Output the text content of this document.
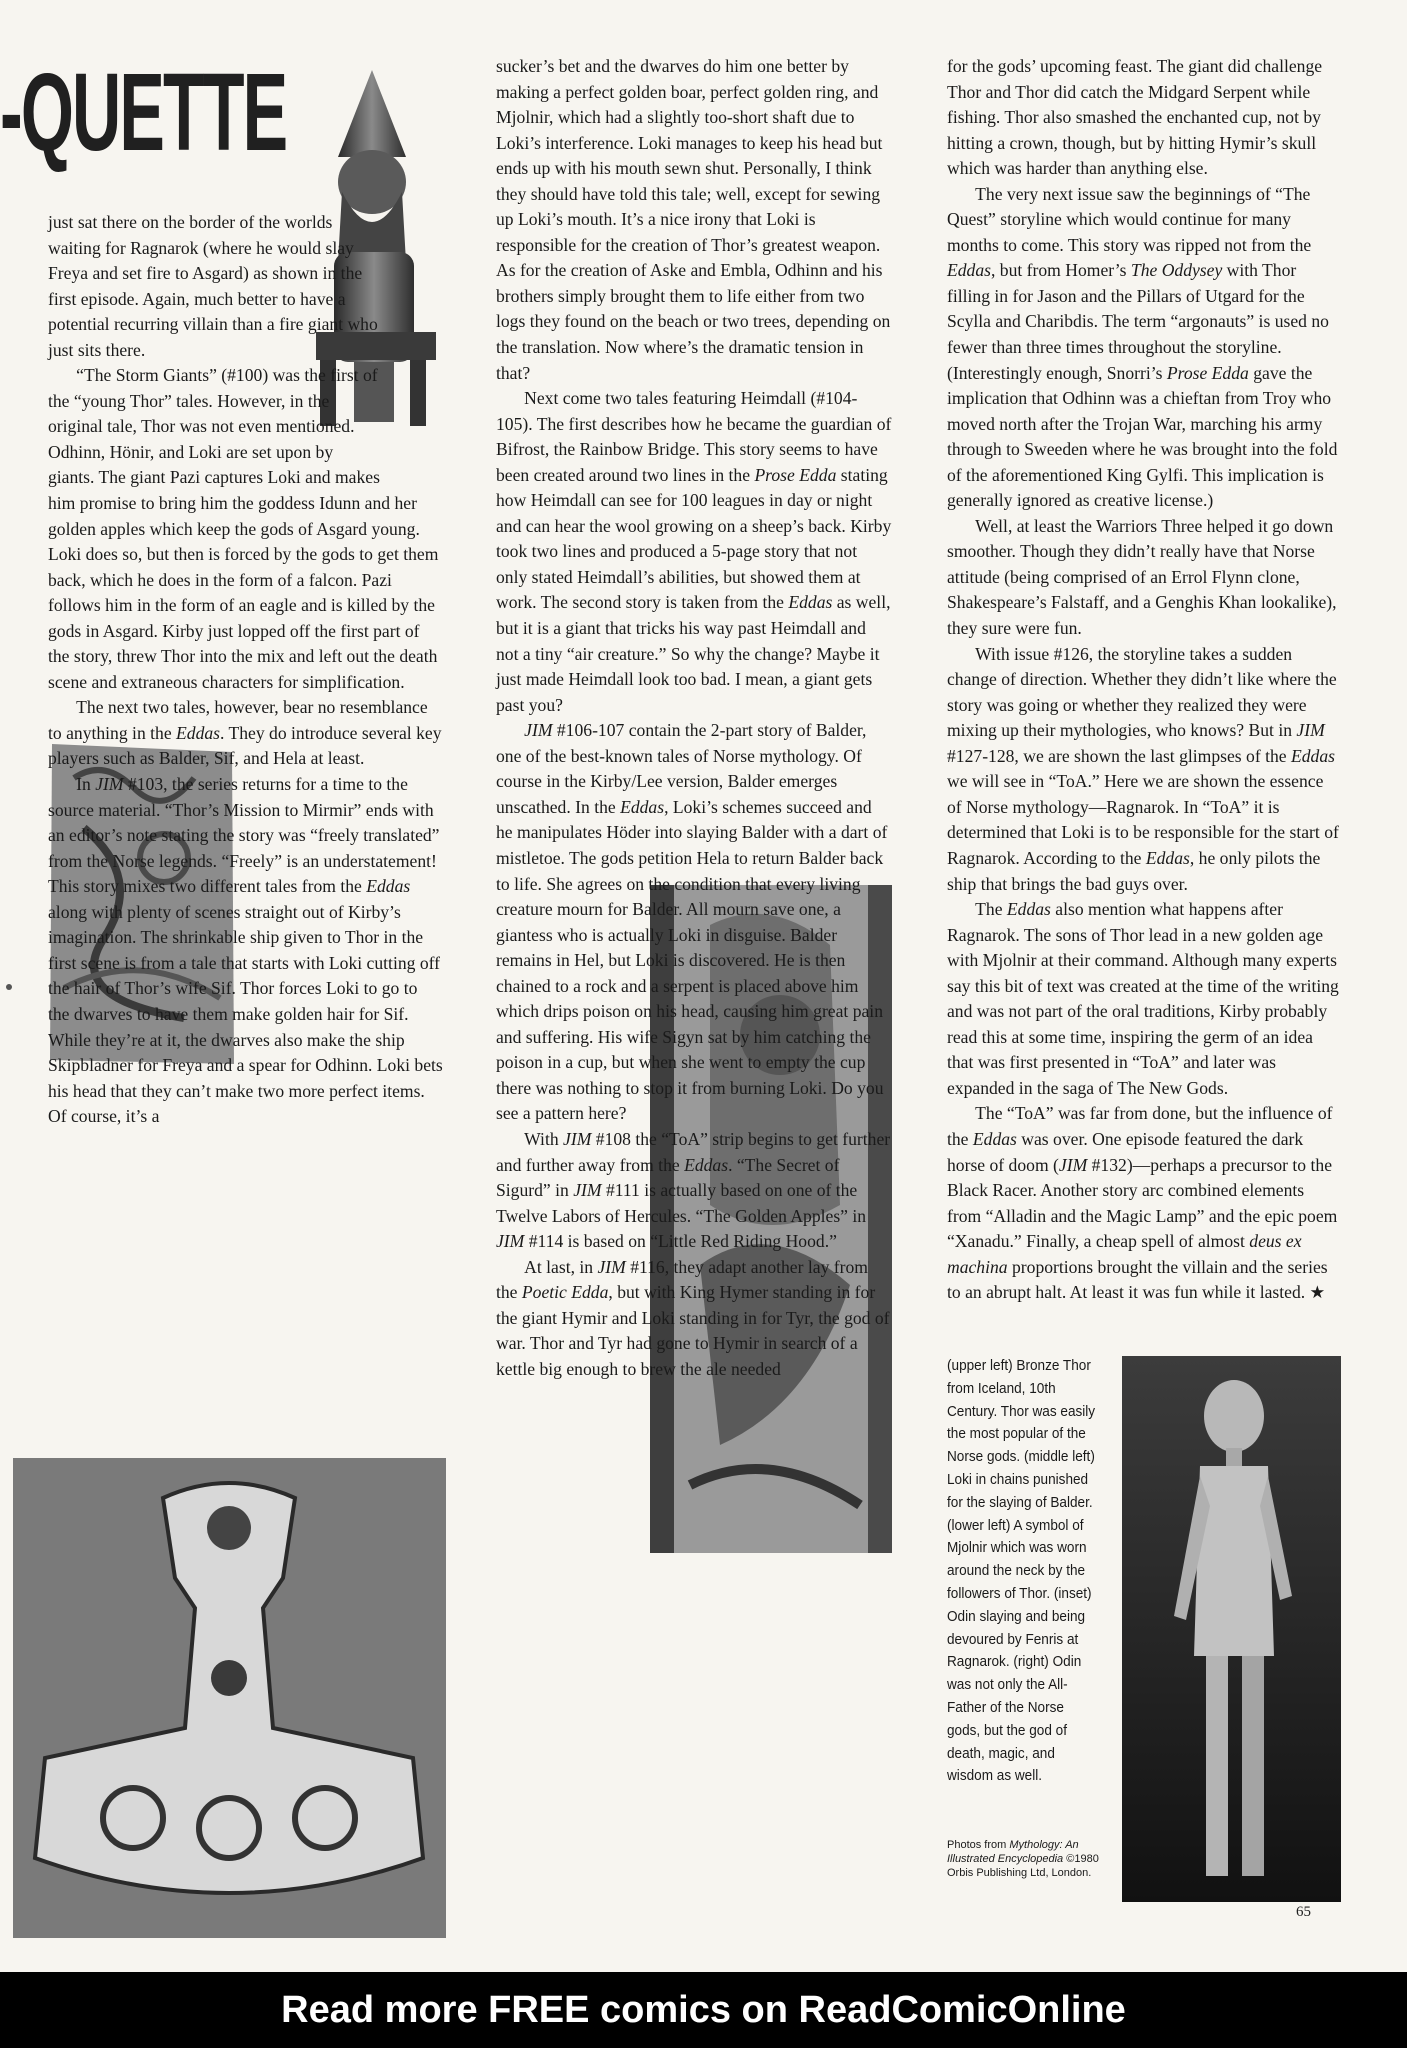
-QUETTE

just sat there on the border of the worlds waiting for Ragnarok (where he would slay Freya and set fire to Asgard) as shown in the first episode. Again, much better to have a potential recurring villain than a fire giant who just sits there.

“The Storm Giants” (#100) was the first of the “young Thor” tales. However, in the original tale, Thor was not even mentioned. Odhinn, Hönir, and Loki are set upon by giants. The giant Pazi captures Loki and makes him promise to bring him the goddess Idunn and her golden apples which keep the gods of Asgard young. Loki does so, but then is forced by the gods to get them back, which he does in the form of a falcon. Pazi follows him in the form of an eagle and is killed by the gods in Asgard. Kirby just lopped off the first part of the story, threw Thor into the mix and left out the death scene and extraneous characters for simplification.

The next two tales, however, bear no resemblance to anything in the Eddas. They do introduce several key players such as Balder, Sif, and Hela at least.

In JIM #103, the series returns for a time to the source material. “Thor’s Mission to Mirmir” ends with an editor’s note stating the story was “freely translated” from the Norse legends. “Freely” is an understatement! This story mixes two different tales from the Eddas along with plenty of scenes straight out of Kirby’s imagination. The shrinkable ship given to Thor in the first scene is from a tale that starts with Loki cutting off the hair of Thor’s wife Sif. Thor forces Loki to go to the dwarves to have them make golden hair for Sif. While they’re at it, the dwarves also make the ship Skipbladner for Freya and a spear for Odhinn. Loki bets his head that they can’t make two more perfect items. Of course, it’s a

sucker’s bet and the dwarves do him one better by making a perfect golden boar, perfect golden ring, and Mjolnir, which had a slightly too-short shaft due to Loki’s interference. Loki manages to keep his head but ends up with his mouth sewn shut. Personally, I think they should have told this tale; well, except for sewing up Loki’s mouth. It’s a nice irony that Loki is responsible for the creation of Thor’s greatest weapon. As for the creation of Aske and Embla, Odhinn and his brothers simply brought them to life either from two logs they found on the beach or two trees, depending on the translation. Now where’s the dramatic tension in that?

Next come two tales featuring Heimdall (#104-105). The first describes how he became the guardian of Bifrost, the Rainbow Bridge. This story seems to have been created around two lines in the Prose Edda stating how Heimdall can see for 100 leagues in day or night and can hear the wool growing on a sheep’s back. Kirby took two lines and produced a 5-page story that not only stated Heimdall’s abilities, but showed them at work. The second story is taken from the Eddas as well, but it is a giant that tricks his way past Heimdall and not a tiny “air creature.” So why the change? Maybe it just made Heimdall look too bad. I mean, a giant gets past you?

JIM #106-107 contain the 2-part story of Balder, one of the best-known tales of Norse mythology. Of course in the Kirby/Lee version, Balder emerges unscathed. In the Eddas, Loki’s schemes succeed and he manipulates Höder into slaying Balder with a dart of mistletoe. The gods petition Hela to return Balder back to life. She agrees on the condition that every living creature mourn for Balder. All mourn save one, a giantess who is actually Loki in disguise. Balder remains in Hel, but Loki is discovered. He is then chained to a rock and a serpent is placed above him which drips poison on his head, causing him great pain and suffering. His wife Sigyn sat by him catching the poison in a cup, but when she went to empty the cup there was nothing to stop it from burning Loki. Do you see a pattern here?

With JIM #108 the “ToA” strip begins to get further and further away from the Eddas. “The Secret of Sigurd” in JIM #111 is actually based on one of the Twelve Labors of Hercules. “The Golden Apples” in JIM #114 is based on “Little Red Riding Hood.”

At last, in JIM #116, they adapt another lay from the Poetic Edda, but with King Hymer standing in for the giant Hymir and Loki standing in for Tyr, the god of war. Thor and Tyr had gone to Hymir in search of a kettle big enough to brew the ale needed

for the gods’ upcoming feast. The giant did challenge Thor and Thor did catch the Midgard Serpent while fishing. Thor also smashed the enchanted cup, not by hitting a crown, though, but by hitting Hymir’s skull which was harder than anything else.

The very next issue saw the beginnings of “The Quest” storyline which would continue for many months to come. This story was ripped not from the Eddas, but from Homer’s The Oddysey with Thor filling in for Jason and the Pillars of Utgard for the Scylla and Charibdis. The term “argonauts” is used no fewer than three times throughout the storyline. (Interestingly enough, Snorri’s Prose Edda gave the implication that Odhinn was a chieftan from Troy who moved north after the Trojan War, marching his army through to Sweeden where he was brought into the fold of the aforementioned King Gylfi. This implication is generally ignored as creative license.)

Well, at least the Warriors Three helped it go down smoother. Though they didn’t really have that Norse attitude (being comprised of an Errol Flynn clone, Shakespeare’s Falstaff, and a Genghis Khan lookalike), they sure were fun.

With issue #126, the storyline takes a sudden change of direction. Whether they didn’t like where the story was going or whether they realized they were mixing up their mythologies, who knows? But in JIM #127-128, we are shown the last glimpses of the Eddas we will see in “ToA.” Here we are shown the essence of Norse mythology—Ragnarok. In “ToA” it is determined that Loki is to be responsible for the start of Ragnarok. According to the Eddas, he only pilots the ship that brings the bad guys over.

The Eddas also mention what happens after Ragnarok. The sons of Thor lead in a new golden age with Mjolnir at their command. Although many experts say this bit of text was created at the time of the writing and was not part of the oral traditions, Kirby probably read this at some time, inspiring the germ of an idea that was first presented in “ToA” and later was expanded in the saga of The New Gods.

The “ToA” was far from done, but the influence of the Eddas was over. One episode featured the dark horse of doom (JIM #132)—perhaps a precursor to the Black Racer. Another story arc combined elements from “Alladin and the Magic Lamp” and the epic poem “Xanadu.” Finally, a cheap spell of almost deus ex machina proportions brought the villain and the series to an abrupt halt. At least it was fun while it lasted. ★

(upper left) Bronze Thor from Iceland, 10th Century. Thor was easily the most popular of the Norse gods. (middle left) Loki in chains punished for the slaying of Balder. (lower left) A symbol of Mjolnir which was worn around the neck by the followers of Thor. (inset) Odin slaying and being devoured by Fenris at Ragnarok. (right) Odin was not only the All-Father of the Norse gods, but the god of death, magic, and wisdom as well.
Photos from Mythology: An Illustrated Encyclopedia ©1980 Orbis Publishing Ltd, London.
65
Read more FREE comics on ReadComicOnline
